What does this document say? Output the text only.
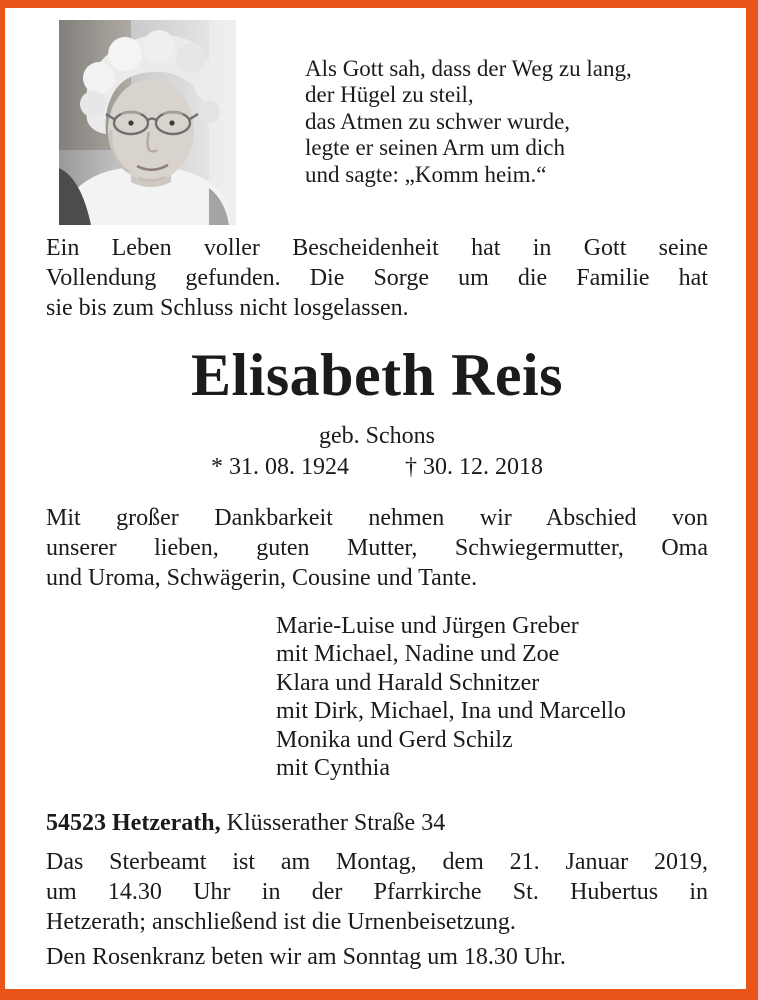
Als Gott sah, dass der Weg zu lang,
der Hügel zu steil,
das Atmen zu schwer wurde,
legte er seinen Arm um dich
und sagte: „Komm heim.“
Ein Leben voller Bescheidenheit hat in Gott seine
Vollendung gefunden. Die Sorge um die Familie hat
sie bis zum Schluss nicht losgelassen.
Elisabeth Reis
geb. Schons
* 31. 08. 1924 † 30. 12. 2018
Mit großer Dankbarkeit nehmen wir Abschied von
unserer lieben, guten Mutter, Schwiegermutter, Oma
und Uroma, Schwägerin, Cousine und Tante.
Marie-Luise und Jürgen Greber
mit Michael, Nadine und Zoe
Klara und Harald Schnitzer
mit Dirk, Michael, Ina und Marcello
Monika und Gerd Schilz
mit Cynthia
54523 Hetzerath, Klüsserather Straße 34
Das Sterbeamt ist am Montag, dem 21. Januar 2019,
um 14.30 Uhr in der Pfarrkirche St. Hubertus in
Hetzerath; anschließend ist die Urnenbeisetzung.
Den Rosenkranz beten wir am Sonntag um 18.30 Uhr.
